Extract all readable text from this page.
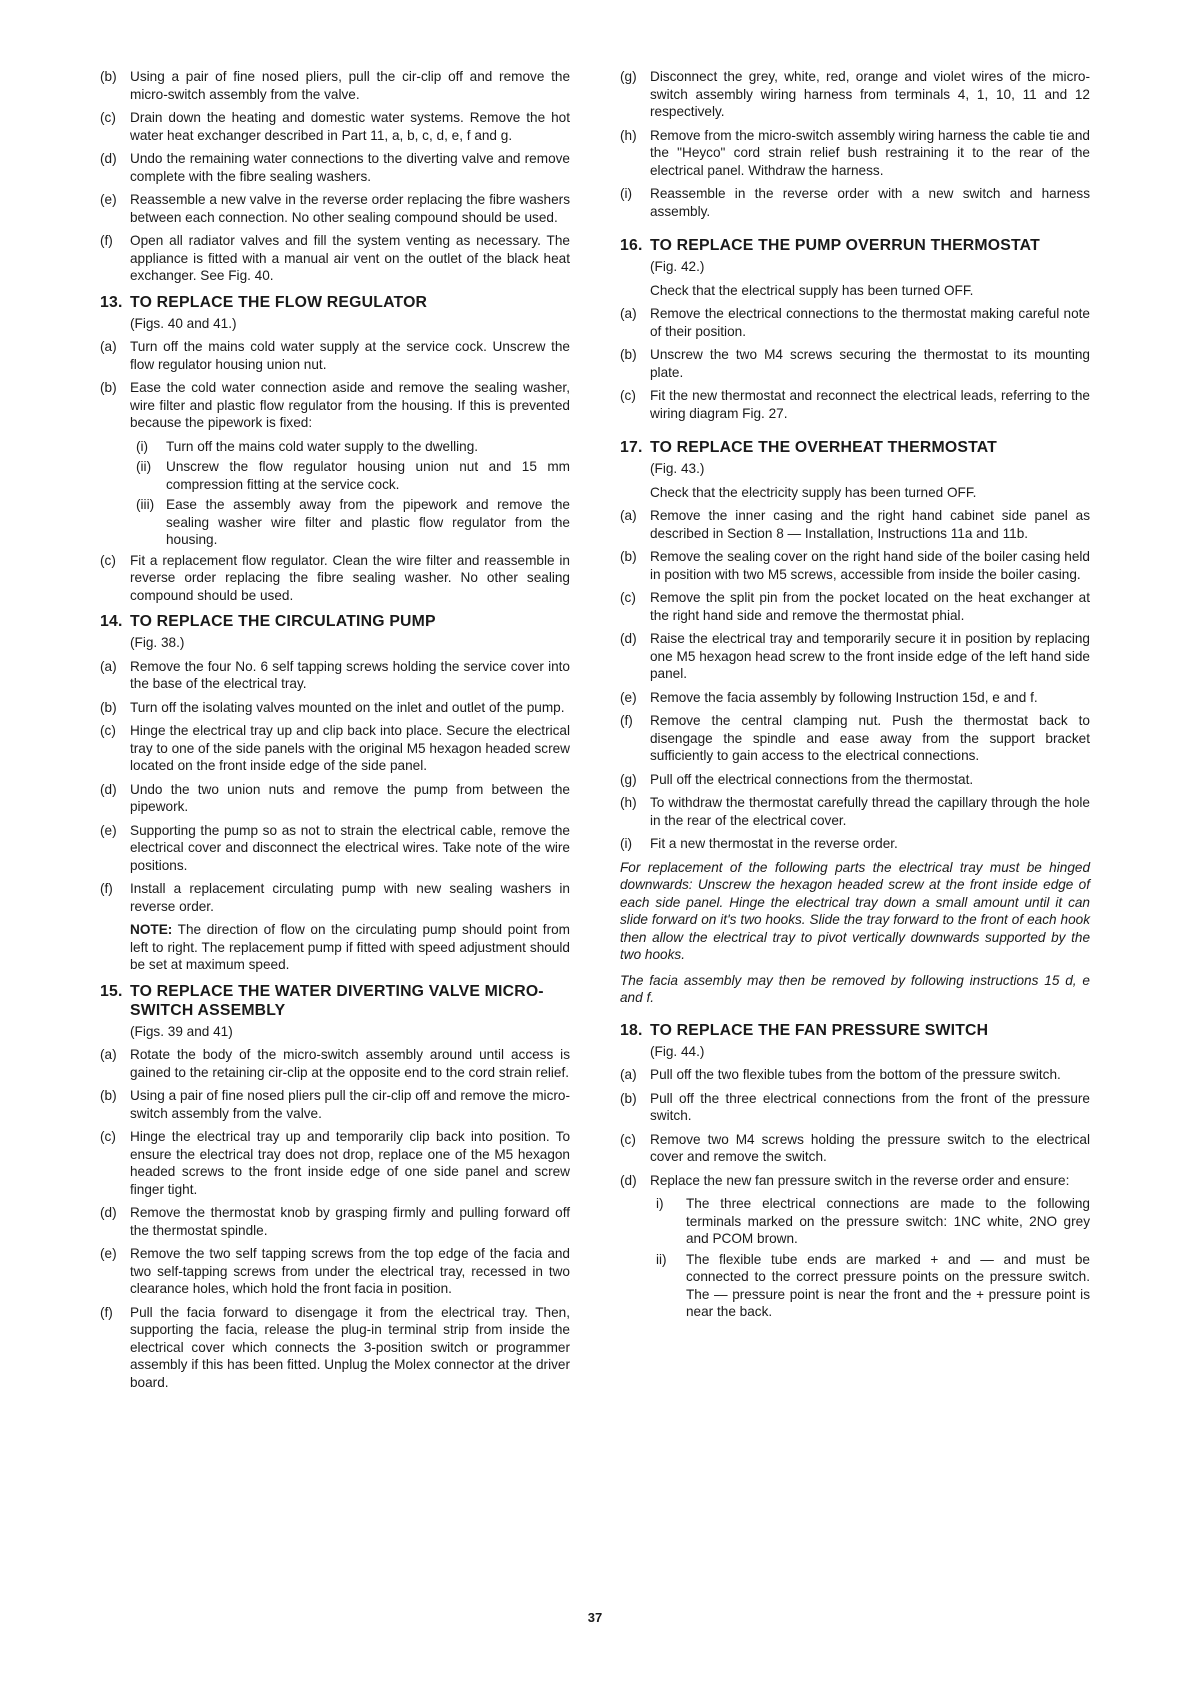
(b) Using a pair of fine nosed pliers, pull the cir-clip off and remove the micro-switch assembly from the valve.
(c)	Drain down the heating and domestic water systems. Remove the hot water heat exchanger described in Part 11, a, b, c, d, e, f and g.
(d) Undo the remaining water connections to the diverting valve and remove complete with the fibre sealing washers.
(e) Reassemble a new valve in the reverse order replacing the fibre washers between each connection. No other sealing compound should be used.
(f)	Open all radiator valves and fill the system venting as necessary. The appliance is fitted with a manual air vent on the outlet of the black heat exchanger. See Fig. 40.
13. TO REPLACE THE FLOW REGULATOR
(Figs. 40 and 41.)
(a) Turn off the mains cold water supply at the service cock. Unscrew the flow regulator housing union nut.
(b) Ease the cold water connection aside and remove the sealing washer, wire filter and plastic flow regulator from the housing. If this is prevented because the pipework is fixed:
(i)	Turn off the mains cold water supply to the dwelling.
(ii)	Unscrew the flow regulator housing union nut and 15 mm compression fitting at the service cock.
(iii) Ease the assembly away from the pipework and remove the sealing washer wire filter and plastic flow regulator from the housing.
(c)	Fit a replacement flow regulator. Clean the wire filter and reassemble in reverse order replacing the fibre sealing washer. No other sealing compound should be used.
14. TO REPLACE THE CIRCULATING PUMP
(Fig. 38.)
(a) Remove the four No. 6 self tapping screws holding the service cover into the base of the electrical tray.
(b) Turn off the isolating valves mounted on the inlet and outlet of the pump.
(c)	Hinge the electrical tray up and clip back into place. Secure the electrical tray to one of the side panels with the original M5 hexagon headed screw located on the front inside edge of the side panel.
(d) Undo the two union nuts and remove the pump from between the pipework.
(e) Supporting the pump so as not to strain the electrical cable, remove the electrical cover and disconnect the electrical wires. Take note of the wire positions.
(f)	Install a replacement circulating pump with new sealing washers in reverse order.
NOTE: The direction of flow on the circulating pump should point from left to right. The replacement pump if fitted with speed adjustment should be set at maximum speed.
15. TO REPLACE THE WATER DIVERTING VALVE MICRO-SWITCH ASSEMBLY
(Figs. 39 and 41)
(a) Rotate the body of the micro-switch assembly around until access is gained to the retaining cir-clip at the opposite end to the cord strain relief.
(b) Using a pair of fine nosed pliers pull the cir-clip off and remove the micro-switch assembly from the valve.
(c)	Hinge the electrical tray up and temporarily clip back into position. To ensure the electrical tray does not drop, replace one of the M5 hexagon headed screws to the front inside edge of one side panel and screw finger tight.
(d) Remove the thermostat knob by grasping firmly and pulling forward off the thermostat spindle.
(e) Remove the two self tapping screws from the top edge of the facia and two self-tapping screws from under the electrical tray, recessed in two clearance holes, which hold the front facia in position.
(f)	Pull the facia forward to disengage it from the electrical tray. Then, supporting the facia, release the plug-in terminal strip from inside the electrical cover which connects the 3-position switch or programmer assembly if this has been fitted. Unplug the Molex connector at the driver board.
(g) Disconnect the grey, white, red, orange and violet wires of the micro-switch assembly wiring harness from terminals 4, 1, 10, 11 and 12 respectively.
(h) Remove from the micro-switch assembly wiring harness the cable tie and the "Heyco" cord strain relief bush restraining it to the rear of the electrical panel. Withdraw the harness.
(i)	Reassemble in the reverse order with a new switch and harness assembly.
16. TO REPLACE THE PUMP OVERRUN THERMOSTAT
(Fig. 42.)
Check that the electrical supply has been turned OFF.
(a) Remove the electrical connections to the thermostat making careful note of their position.
(b) Unscrew the two M4 screws securing the thermostat to its mounting plate.
(c)	Fit the new thermostat and reconnect the electrical leads, referring to the wiring diagram Fig. 27.
17. TO REPLACE THE OVERHEAT THERMOSTAT
(Fig. 43.)
Check that the electricity supply has been turned OFF.
(a) Remove the inner casing and the right hand cabinet side panel as described in Section 8 — Installation, Instructions 11a and 11b.
(b) Remove the sealing cover on the right hand side of the boiler casing held in position with two M5 screws, accessible from inside the boiler casing.
(c)	Remove the split pin from the pocket located on the heat exchanger at the right hand side and remove the thermostat phial.
(d) Raise the electrical tray and temporarily secure it in position by replacing one M5 hexagon head screw to the front inside edge of the left hand side panel.
(e) Remove the facia assembly by following Instruction 15d, e and f.
(f)	Remove the central clamping nut. Push the thermostat back to disengage the spindle and ease away from the support bracket sufficiently to gain access to the electrical connections.
(g) Pull off the electrical connections from the thermostat.
(h) To withdraw the thermostat carefully thread the capillary through the hole in the rear of the electrical cover.
(i)	Fit a new thermostat in the reverse order.
For replacement of the following parts the electrical tray must be hinged downwards: Unscrew the hexagon headed screw at the front inside edge of each side panel. Hinge the electrical tray down a small amount until it can slide forward on it's two hooks. Slide the tray forward to the front of each hook then allow the electrical tray to pivot vertically downwards supported by the two hooks.
The facia assembly may then be removed by following instructions 15 d, e and f.
18. TO REPLACE THE FAN PRESSURE SWITCH
(Fig. 44.)
(a) Pull off the two flexible tubes from the bottom of the pressure switch.
(b) Pull off the three electrical connections from the front of the pressure switch.
(c)	Remove two M4 screws holding the pressure switch to the electrical cover and remove the switch.
(d) Replace the new fan pressure switch in the reverse order and ensure:
i)	The three electrical connections are made to the following terminals marked on the pressure switch: 1NC white, 2NO grey and PCOM brown.
ii)	The flexible tube ends are marked + and — and must be connected to the correct pressure points on the pressure switch. The — pressure point is near the front and the + pressure point is near the back.
37
